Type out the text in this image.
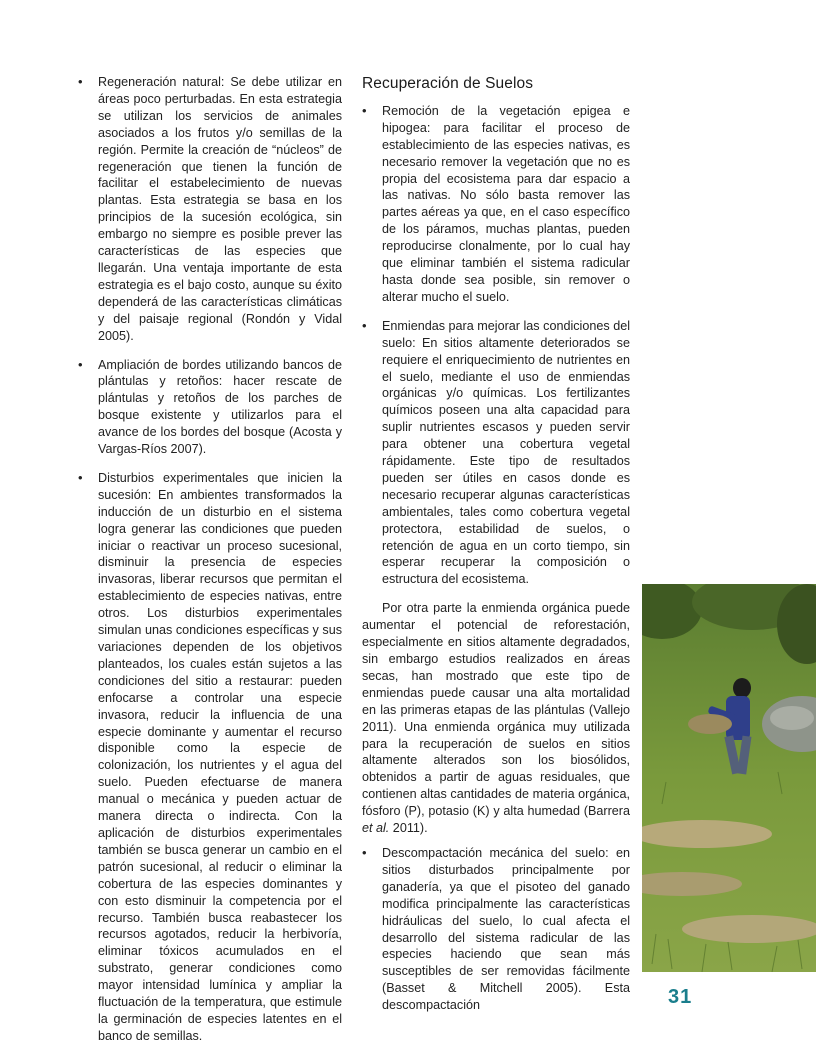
• Regeneración natural: Se debe utilizar en áreas poco perturbadas. En esta estrategia se utilizan los servicios de animales asociados a los frutos y/o semillas de la región. Permite la creación de “núcleos” de regeneración que tienen la función de facilitar el estabelecimiento de nuevas plantas. Esta estrategia se basa en los principios de la sucesión ecológica, sin embargo no siempre es posible prever las características de las especies que llegarán. Una ventaja importante de esta estrategia es el bajo costo, aunque su éxito dependerá de las características climáticas y del paisaje regional (Rondón y Vidal 2005).
• Ampliación de bordes utilizando bancos de plántulas y retoños: hacer rescate de plántulas y retoños de los parches de bosque existente y utilizarlos para el avance de los bordes del bosque (Acosta y Vargas-Ríos 2007).
• Disturbios experimentales que inicien la sucesión: En ambientes transformados la inducción de un disturbio en el sistema logra generar las condiciones que pueden iniciar o reactivar un proceso sucesional, disminuir la presencia de especies invasoras, liberar recursos que permitan el establecimiento de especies nativas, entre otros. Los disturbios experimentales simulan unas condiciones específicas y sus variaciones dependen de los objetivos planteados, los cuales están sujetos a las condiciones del sitio a restaurar: pueden enfocarse a controlar una especie invasora, reducir la influencia de una especie dominante y aumentar el recurso disponible como la especie de colonización, los nutrientes y el agua del suelo. Pueden efectuarse de manera manual o mecánica y pueden actuar de manera directa o indirecta. Con la aplicación de disturbios experimentales también se busca generar un cambio en el patrón sucesional, al reducir o eliminar la cobertura de las especies dominantes y con esto disminuir la competencia por el recurso. También busca reabastecer los recursos agotados, reducir la herbivoría, eliminar tóxicos acumulados en el substrato, generar condiciones como mayor intensidad lumínica y ampliar la fluctuación de la temperatura, que estimule la germinación de especies latentes en el banco de semillas.
Recuperación de Suelos
• Remoción de la vegetación epigea e hipogea: para facilitar el proceso de establecimiento de las especies nativas, es necesario remover la vegetación que no es propia del ecosistema para dar espacio a las nativas. No sólo basta remover las partes aéreas ya que, en el caso específico de los páramos, muchas plantas, pueden reproducirse clonalmente, por lo cual hay que eliminar también el sistema radicular hasta donde sea posible, sin remover o alterar mucho el suelo.
• Enmiendas para mejorar las condiciones del suelo: En sitios altamente deteriorados se requiere el enriquecimiento de nutrientes en el suelo, mediante el uso de enmiendas orgánicas y/o químicas. Los fertilizantes químicos poseen una alta capacidad para suplir nutrientes escasos y pueden servir para obtener una cobertura vegetal rápidamente. Este tipo de resultados pueden ser útiles en casos donde es necesario recuperar algunas características ambientales, tales como cobertura vegetal protectora, estabilidad de suelos, o retención de agua en un corto tiempo, sin esperar recuperar la composición o estructura del ecosistema.

Por otra parte la enmienda orgánica puede aumentar el potencial de reforestación, especialmente en sitios altamente degradados, sin embargo estudios realizados en áreas secas, han mostrado que este tipo de enmiendas puede causar una alta mortalidad en las primeras etapas de las plántulas (Vallejo 2011). Una enmienda orgánica muy utilizada para la recuperación de suelos en sitios altamente alterados son los biosólidos, obtenidos a partir de aguas residuales, que contienen altas cantidades de materia orgánica, fósforo (P), potasio (K) y alta humedad (Barrera et al. 2011).

• Descompactación mecánica del suelo: en sitios disturbados principalmente por ganadería, ya que el pisoteo del ganado modifica principalmente las características hidráulicas del suelo, lo cual afecta el desarrollo del sistema radicular de las especies haciendo que sean más susceptibles de ser removidas fácilmente (Basset & Mitchell 2005). Esta descompactación	31
